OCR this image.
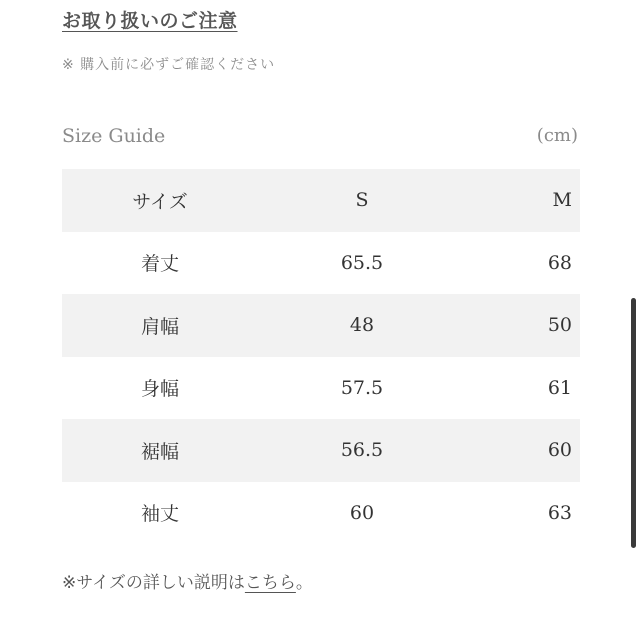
お取り扱いのご注意
※ 購入前に必ずご確認ください
Size Guide	(cm)
サイズ	S	M
着丈	65.5	68
肩幅	48	50
身幅	57.5	61
裾幅	56.5	60
袖丈	60	63
※サイズの詳しい説明はこちら。
